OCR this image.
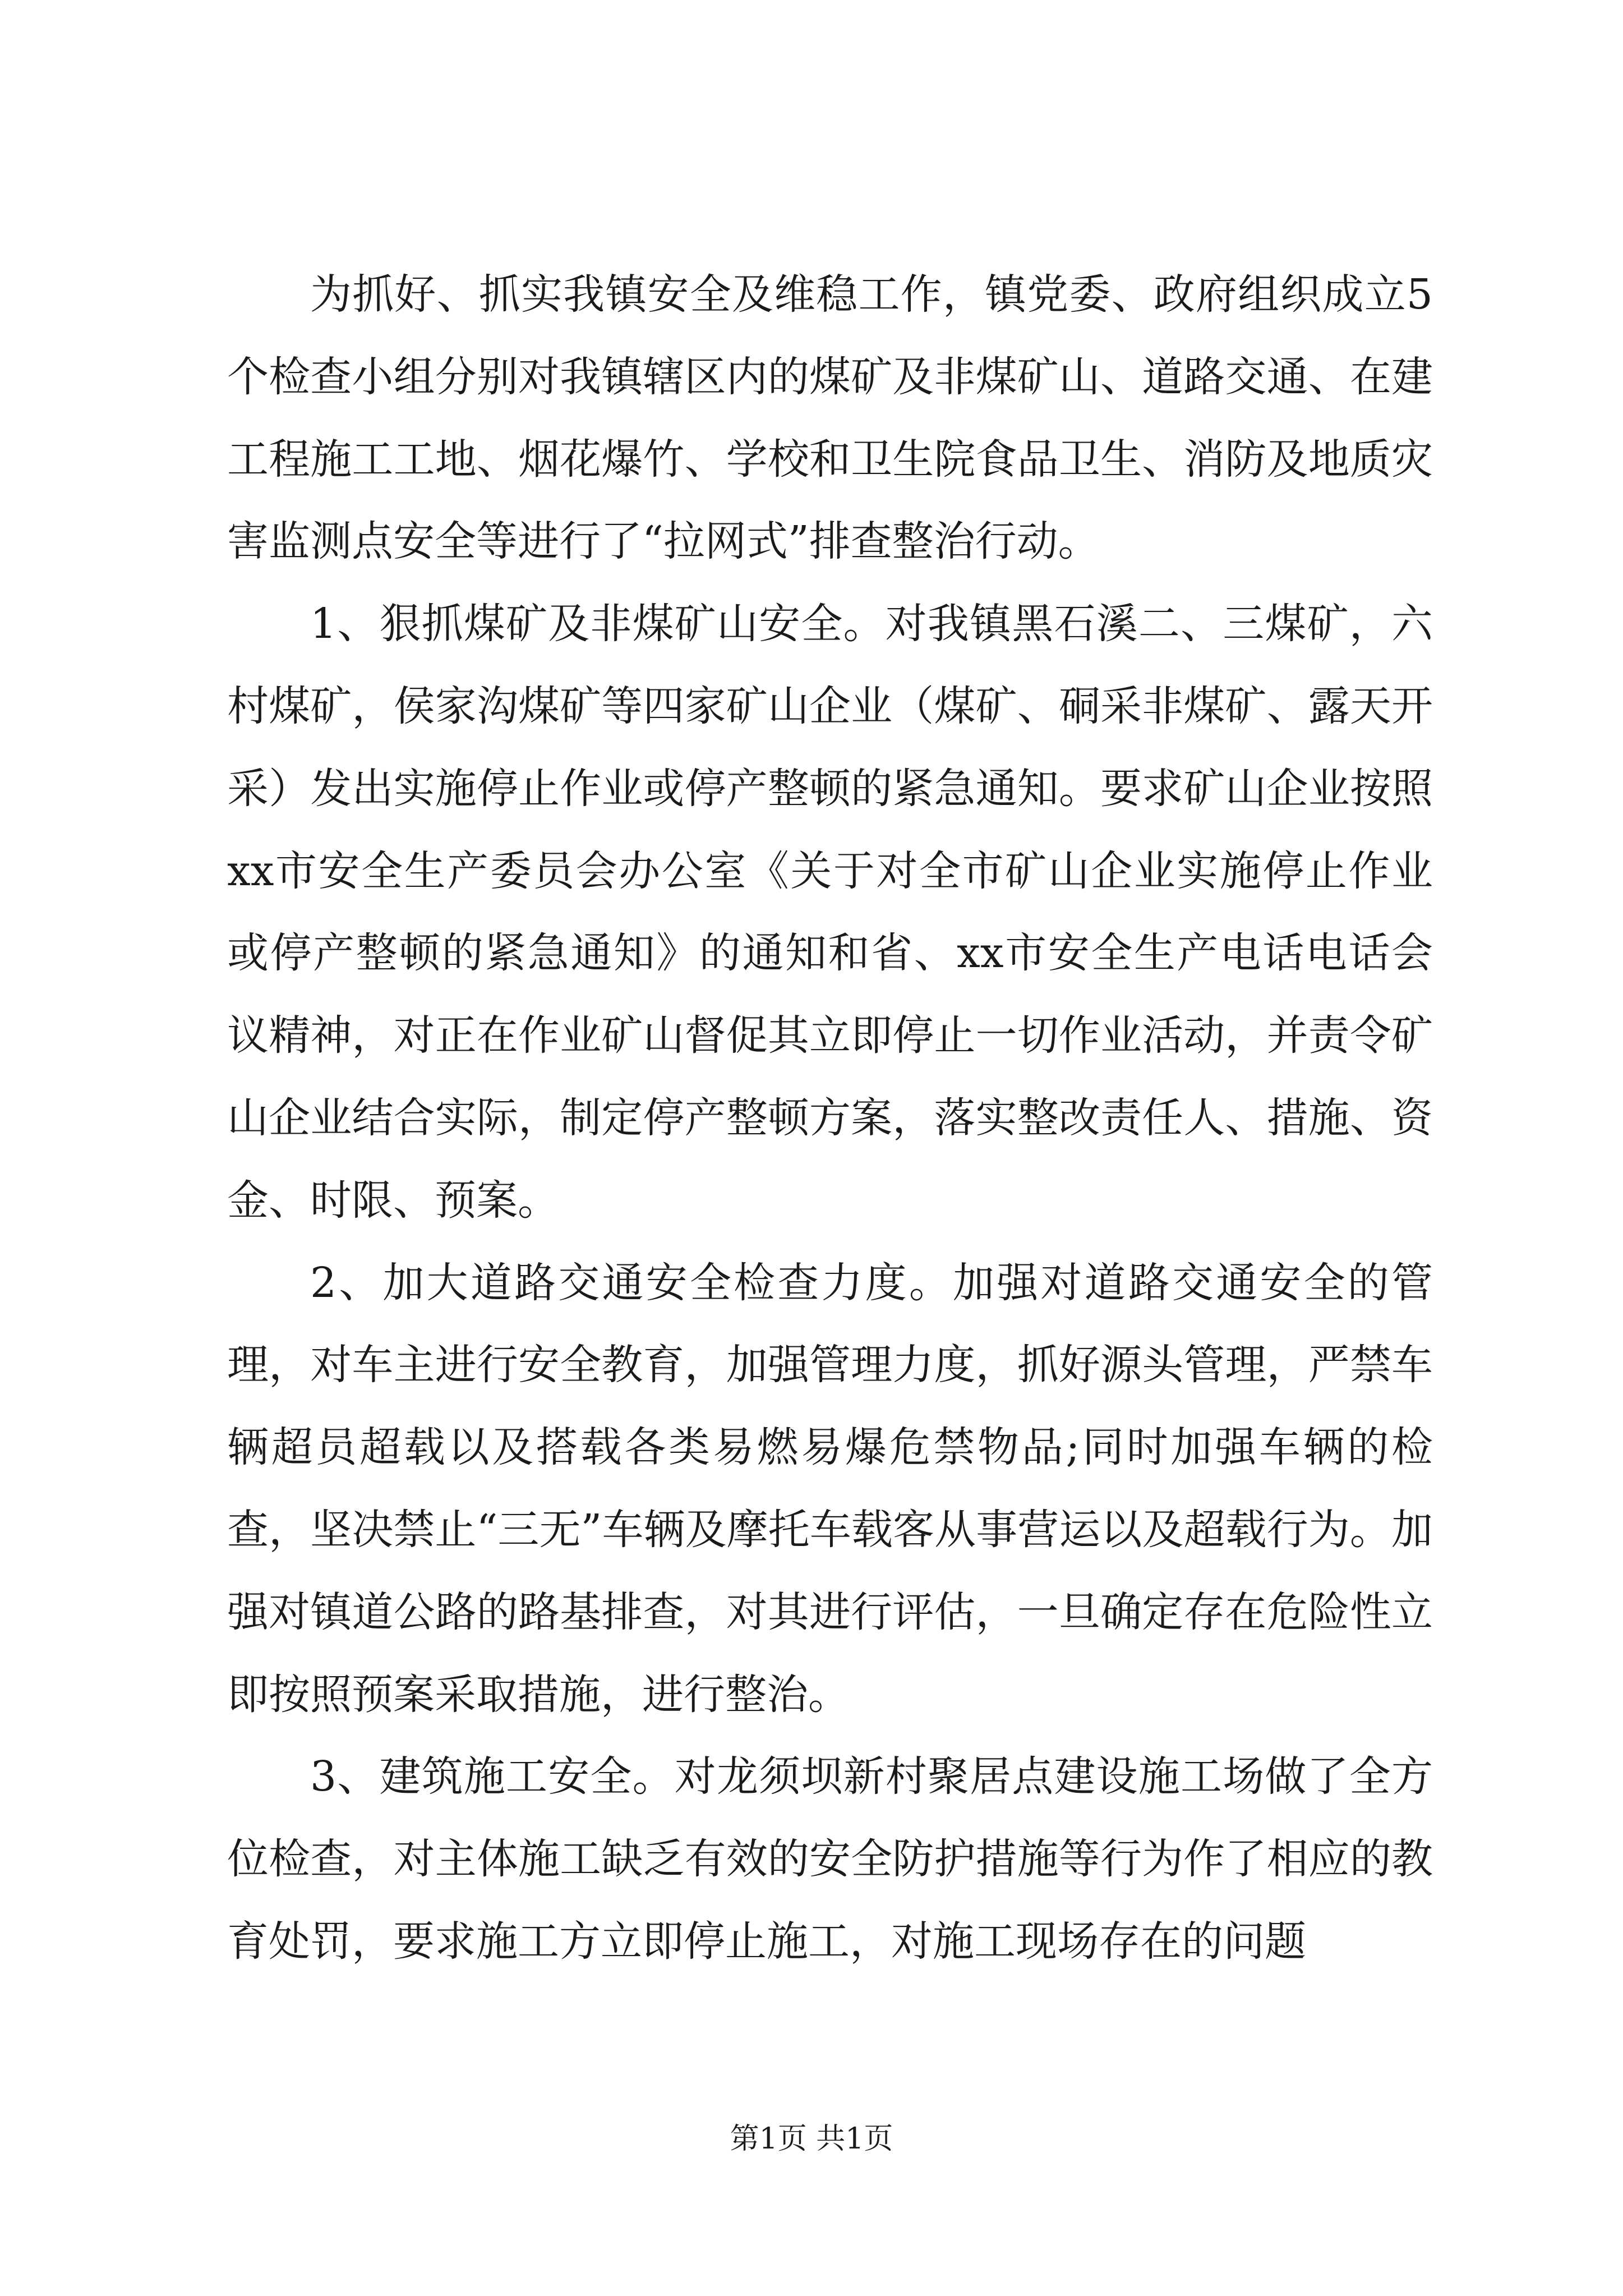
为抓好、抓实我镇安全及维稳工作，镇党委、政府组织成立5个检查小组分别对我镇辖区内的煤矿及非煤矿山、道路交通、在建工程施工工地、烟花爆竹、学校和卫生院食品卫生、消防及地质灾害监测点安全等进行了“拉网式”排查整治行动。

1、狠抓煤矿及非煤矿山安全。对我镇黑石溪二、三煤矿，六村煤矿，侯家沟煤矿等四家矿山企业（煤矿、硐采非煤矿、露天开采）发出实施停止作业或停产整顿的紧急通知。要求矿山企业按照xx市安全生产委员会办公室《关于对全市矿山企业实施停止作业或停产整顿的紧急通知》的通知和省、xx市安全生产电话电话会议精神，对正在作业矿山督促其立即停止一切作业活动，并责令矿山企业结合实际，制定停产整顿方案，落实整改责任人、措施、资金、时限、预案。

2、加大道路交通安全检查力度。加强对道路交通安全的管理，对车主进行安全教育，加强管理力度，抓好源头管理，严禁车辆超员超载以及搭载各类易燃易爆危禁物品;同时加强车辆的检查，坚决禁止“三无”车辆及摩托车载客从事营运以及超载行为。加强对镇道公路的路基排查，对其进行评估，一旦确定存在危险性立即按照预案采取措施，进行整治。

3、建筑施工安全。对龙须坝新村聚居点建设施工场做了全方位检查，对主体施工缺乏有效的安全防护措施等行为作了相应的教育处罚，要求施工方立即停止施工，对施工现场存在的问题

第1页 共1页
